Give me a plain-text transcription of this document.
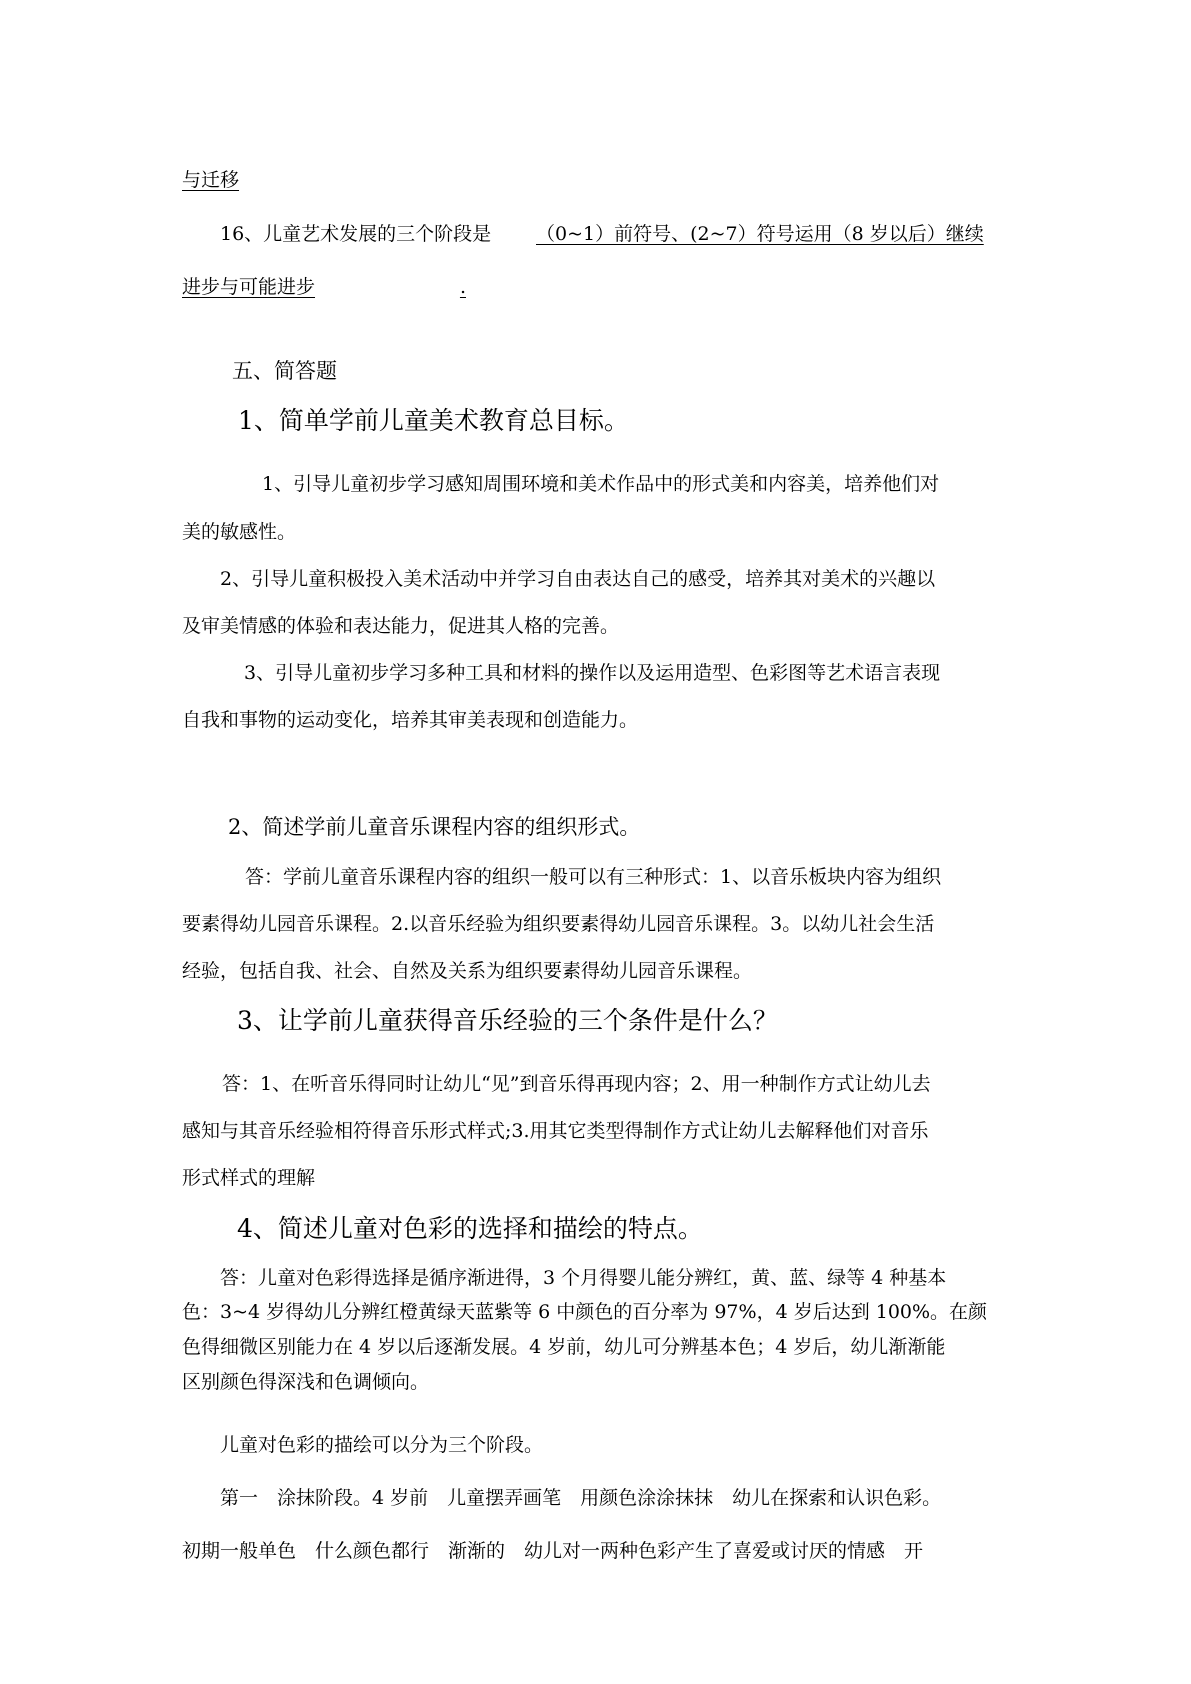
与迁移
16、儿童艺术发展的三个阶段是 （0~1）前符号、(2~7）符号运用（8 岁以后）继续
进步与可能进步	.
五、简答题
1、简单学前儿童美术教育总目标。
1、引导儿童初步学习感知周围环境和美术作品中的形式美和内容美，培养他们对
美的敏感性。
2、引导儿童积极投入美术活动中并学习自由表达自己的感受，培养其对美术的兴趣以
及审美情感的体验和表达能力，促进其人格的完善。
3、引导儿童初步学习多种工具和材料的操作以及运用造型、色彩图等艺术语言表现
自我和事物的运动变化，培养其审美表现和创造能力。
2、简述学前儿童音乐课程内容的组织形式。
答：学前儿童音乐课程内容的组织一般可以有三种形式：1、以音乐板块内容为组织
要素得幼儿园音乐课程。2.以音乐经验为组织要素得幼儿园音乐课程。3。以幼儿社会生活
经验，包括自我、社会、自然及关系为组织要素得幼儿园音乐课程。
3、让学前儿童获得音乐经验的三个条件是什么？
答：1、在听音乐得同时让幼儿“见”到音乐得再现内容；2、用一种制作方式让幼儿去
感知与其音乐经验相符得音乐形式样式;3.用其它类型得制作方式让幼儿去解释他们对音乐
形式样式的理解
4、简述儿童对色彩的选择和描绘的特点。
答：儿童对色彩得选择是循序渐进得，3 个月得婴儿能分辨红，黄、蓝、绿等 4 种基本
色：3~4 岁得幼儿分辨红橙黄绿天蓝紫等 6 中颜色的百分率为 97%，4 岁后达到 100%。在颜
色得细微区别能力在 4 岁以后逐渐发展。4 岁前，幼儿可分辨基本色；4 岁后，幼儿渐渐能
区别颜色得深浅和色调倾向。
儿童对色彩的描绘可以分为三个阶段。
第一　涂抹阶段。4 岁前　儿童摆弄画笔　用颜色涂涂抹抹　幼儿在探索和认识色彩。
初期一般单色　什么颜色都行　渐渐的　幼儿对一两种色彩产生了喜爱或讨厌的情感　开
